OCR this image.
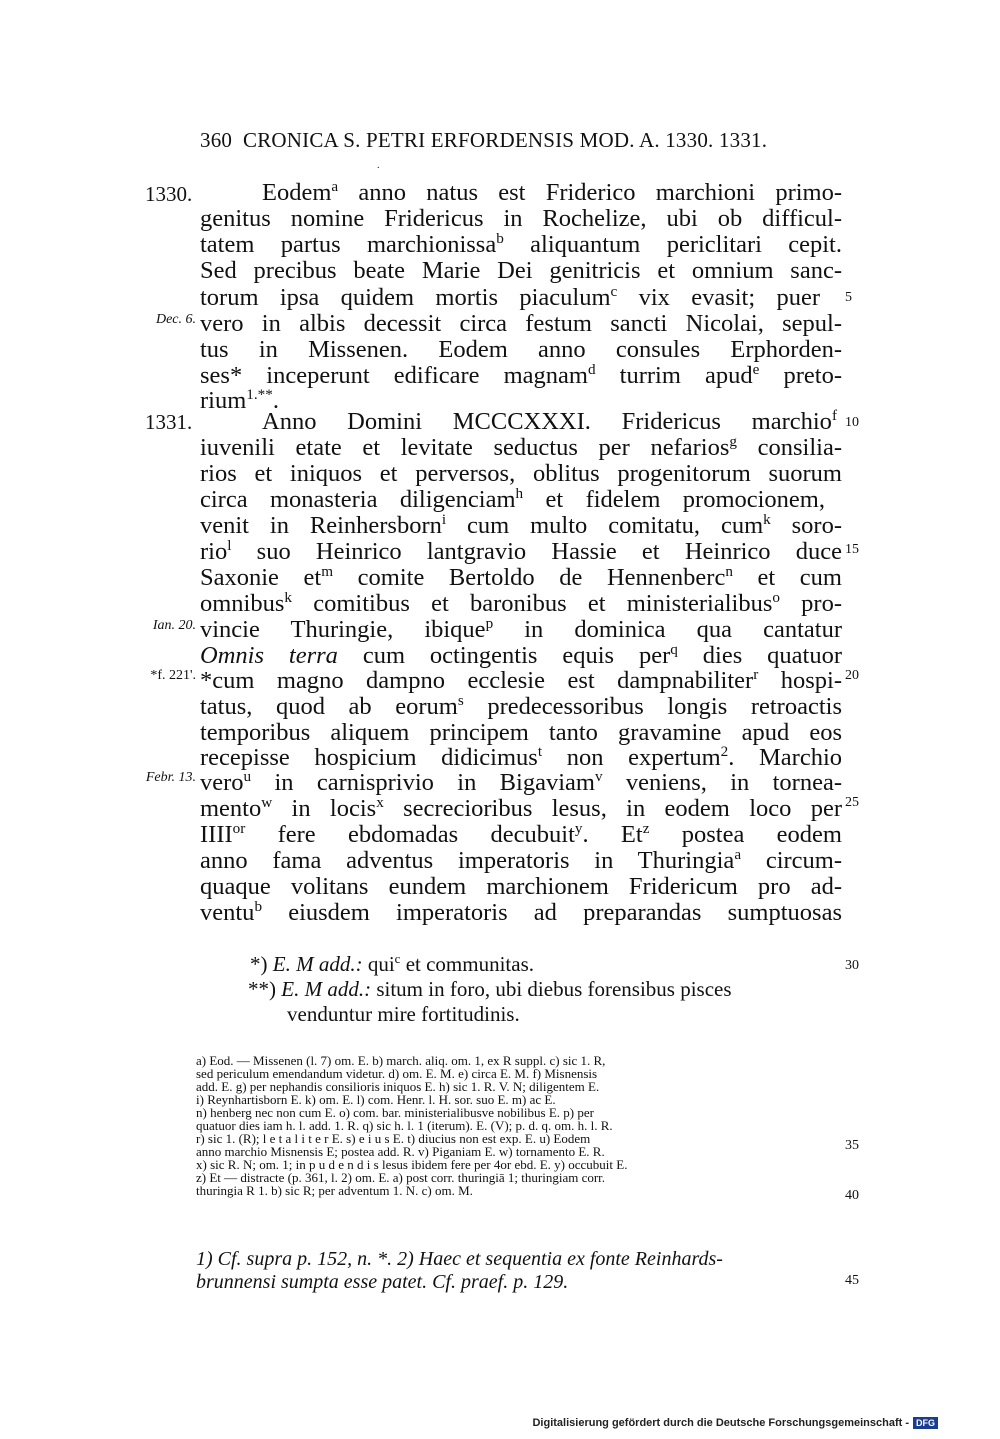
360 CRONICA S. PETRI ERFORDENSIS MOD. A. 1330. 1331.
.
1330.
1331.
Dec. 6.
Ian. 20.
*f. 221'.
Febr. 13.
5
10
15
20
25
30
35
40
45
Eodem$^a$ anno natus est Friderico marchioni primo-
genitus nomine Fridericus in Rochelize, ubi ob difficul-
tatem partus marchionissa$^b$ aliquantum periclitari cepit.
Sed precibus beate Marie Dei genitricis et omnium sanc-
torum ipsa quidem mortis piaculum$^c$ vix evasit; puer
vero in albis decessit circa festum sancti Nicolai, sepul-
tus in Missenen. Eodem anno consules Erphorden-
ses* inceperunt edificare magnam$^d$ turrim apud$^e$ preto-
rium$^{1.**}$.
Anno Domini MCCCXXXI. Fridericus marchio$^f$
iuvenili etate et levitate seductus per nefarios$^g$ consilia-
rios et iniquos et perversos, oblitus progenitorum suorum
circa monasteria diligenciam$^h$ et fidelem promocionem,
venit in Reinhersborn$^i$ cum multo comitatu, cum$^k$ soro-
rio$^l$ suo Heinrico lantgravio Hassie et Heinrico duce
Saxonie $et^m$ comite Bertoldo de Hennenberc$^n$ et cum
omnibus$^k$ comitibus et baronibus et ministerialibus$^o$ pro-
vincie Thuringie, ibique$^p$ in dominica qua cantatur
Omnis terra cum octingentis equis per$^q$ dies quatuor
*cum magno dampno ecclesie est dampnabiliter$^r$ hospi-
tatus, quod ab eorum$^s$ predecessoribus longis retroactis
temporibus aliquem principem tanto gravamine apud eos
recepisse hospicium didicimus$^t$ non expertum$^2$. Marchio
vero$^u$ in carnisprivio in Bigaviam$^v$ veniens, in tornea-
mento$^w$ in locis$^x$ secrecioribus lesus, in eodem loco per
$IIII^{or}$ fere ebdomadas decubuit$^y$. Et$^z$ postea eodem
anno fama adventus imperatoris in Thuringia$^a$ circum-
quaque volitans eundem marchionem Fridericum pro ad-
ventu$^b$ eiusdem imperatoris ad preparandas sumptuosas
*) E. M add.: qui$^c$ et communitas.
**) E. M add.: situm in foro, ubi diebus forensibus pisces
venduntur mire fortitudinis.
a) Eod. — Missenen (l. 7) om. E. b) march. aliq. om. 1, ex R suppl. c) sic 1. R,
sed periculum emendandum videtur. d) om. E. M. e) circa E. M. f) Misnensis
add. E. g) per nephandis consilioris iniquos E. h) sic 1. R. V. N; diligentem E.
i) Reynhartisborn E. k) om. E. l) com. Henr. l. H. sor. suo E. m) ac E.
n) henberg nec non cum E. o) com. bar. ministerialibusve nobilibus E. p) per
quatuor dies iam h. l. add. 1. R. q) sic h. l. 1 (iterum). E. (V); p. d. q. om. h. l. R.
r) sic 1. (R); l e t a l i t e r E. s) e i u s E. t) diucius non est exp. E. u) Eodem
anno marchio Misnensis E; postea add. R. v) Piganiam E. w) tornamento E. R.
x) sic R. N; om. 1; in p u d e n d i s lesus ibidem fere per 4or ebd. E. y) occubuit E.
z) Et — distracte (p. 361, l. 2) om. E. a) post corr. thuringiā 1; thuringiam corr.
thuringia R 1. b) sic R; per adventum 1. N. c) om. M.
1) Cf. supra p. 152, n. *. 2) Haec et sequentia ex fonte Reinhards-
brunnensi sumpta esse patet. Cf. praef. p. 129.
Digitalisierung gefördert durch die Deutsche Forschungsgemeinschaft - DFG
